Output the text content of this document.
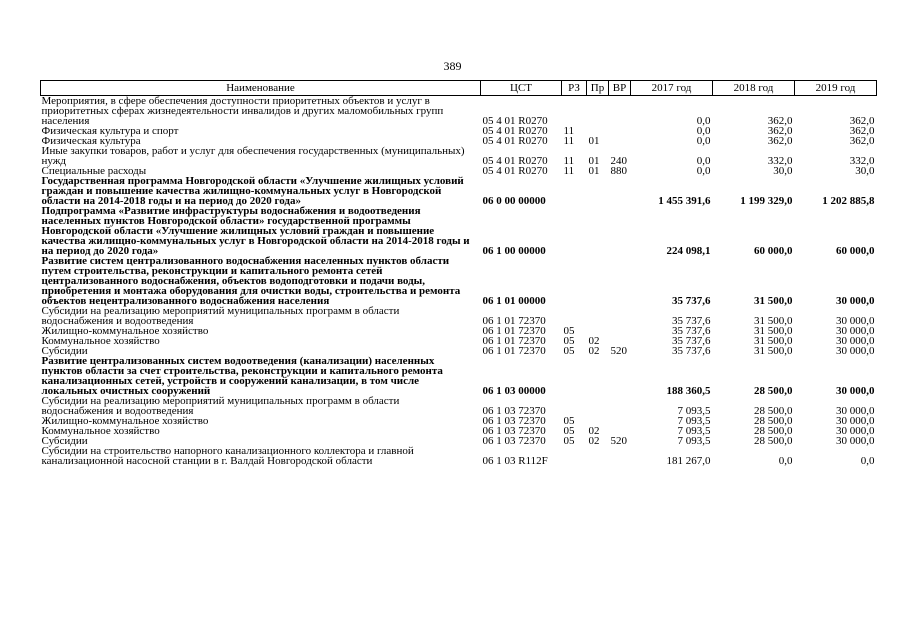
389
Наименование	ЦСТ	РЗ	Пр	ВР	2017 год	2018 год	2019 год
Мероприятия, в сфере обеспечения доступности приоритетных объектов и услуг в приоритетных сферах жизнедеятельности инвалидов и других маломобильных групп населения	05 4 01 R0270				0,0	362,0	362,0
Физическая культура и спорт	05 4 01 R0270	11			0,0	362,0	362,0
Физическая культура	05 4 01 R0270	11	01		0,0	362,0	362,0
Иные закупки товаров, работ и услуг для обеспечения государственных (муниципальных) нужд	05 4 01 R0270	11	01	240	0,0	332,0	332,0
Специальные расходы	05 4 01 R0270	11	01	880	0,0	30,0	30,0
Государственная программа Новгородской области «Улучшение жилищных условий граждан и повышение качества жилищно-коммунальных услуг в Новгородской области на 2014-2018 годы и на период до 2020 года»	06 0 00 00000				1 455 391,6	1 199 329,0	1 202 885,8
Подпрограмма «Развитие инфраструктуры водоснабжения и водоотведения населенных пунктов Новгородской области» государственной программы Новгородской области «Улучшение жилищных условий граждан и повышение качества жилищно-коммунальных услуг в Новгородской области на 2014-2018 годы и на период до 2020 года»	06 1 00 00000				224 098,1	60 000,0	60 000,0
Развитие систем централизованного водоснабжения населенных пунктов области путем строительства, реконструкции и капитального ремонта сетей централизованного водоснабжения, объектов водоподготовки и подачи воды, приобретения и монтажа оборудования для очистки воды, строительства и ремонта объектов нецентрализованного водоснабжения населения	06 1 01 00000				35 737,6	31 500,0	30 000,0
Субсидии на реализацию мероприятий муниципальных программ в области водоснабжения и водоотведения	06 1 01 72370				35 737,6	31 500,0	30 000,0
Жилищно-коммунальное хозяйство	06 1 01 72370	05			35 737,6	31 500,0	30 000,0
Коммунальное хозяйство	06 1 01 72370	05	02		35 737,6	31 500,0	30 000,0
Субсидии	06 1 01 72370	05	02	520	35 737,6	31 500,0	30 000,0
Развитие централизованных систем водоотведения (канализации) населенных пунктов области за счет строительства, реконструкции и капитального ремонта канализационных сетей, устройств и сооружений канализации, в том числе локальных очистных сооружений	06 1 03 00000				188 360,5	28 500,0	30 000,0
Субсидии на реализацию мероприятий муниципальных программ в области водоснабжения и водоотведения	06 1 03 72370				7 093,5	28 500,0	30 000,0
Жилищно-коммунальное хозяйство	06 1 03 72370	05			7 093,5	28 500,0	30 000,0
Коммунальное хозяйство	06 1 03 72370	05	02		7 093,5	28 500,0	30 000,0
Субсидии	06 1 03 72370	05	02	520	7 093,5	28 500,0	30 000,0
Субсидии на строительство напорного канализационного коллектора и главной канализационной насосной станции в г. Валдай Новгородской области	06 1 03 R112F				181 267,0	0,0	0,0
